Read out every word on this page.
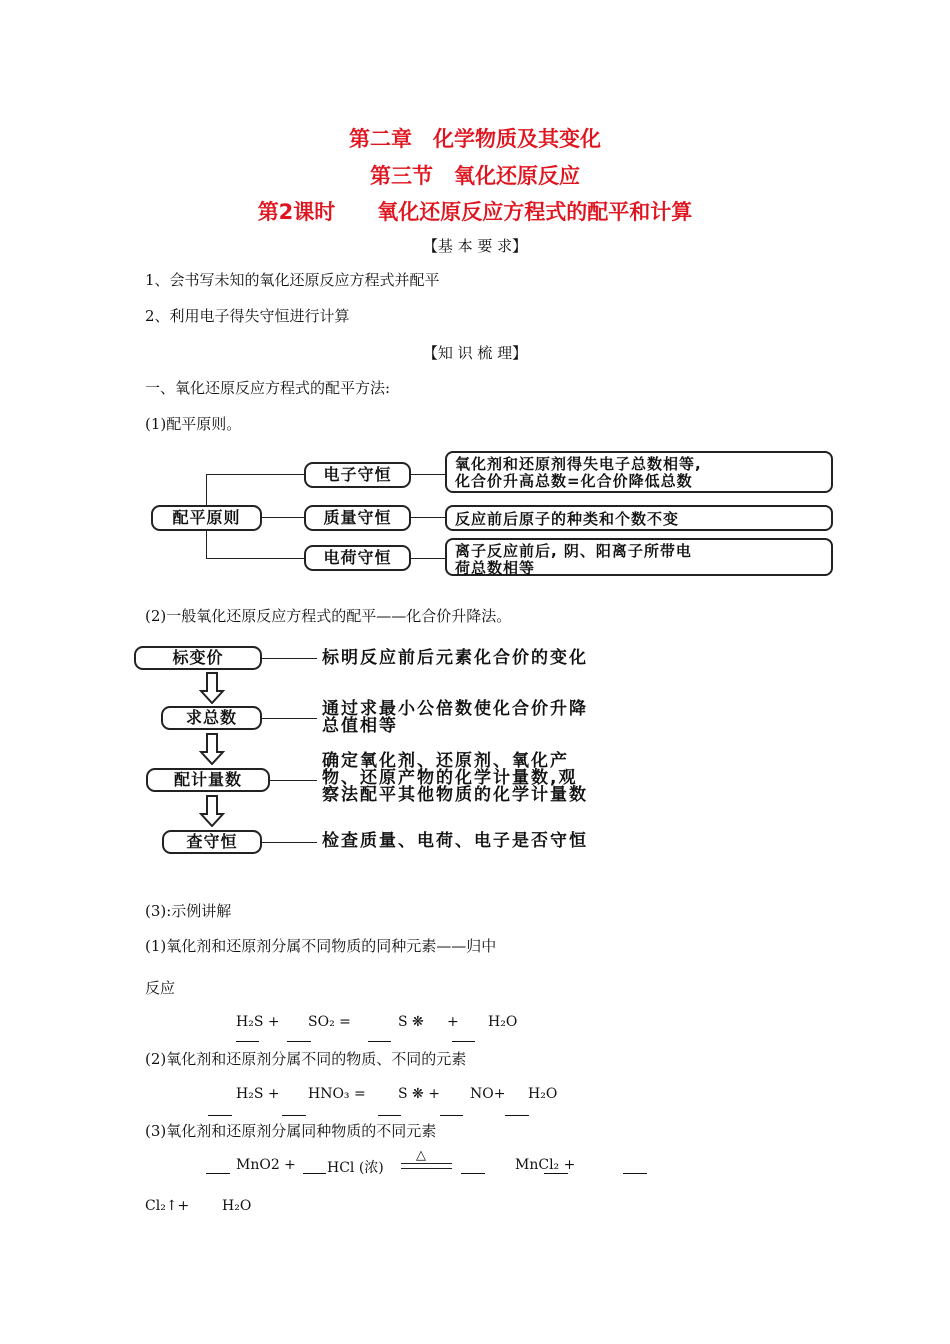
第二章　化学物质及其变化
第三节　氧化还原反应
第2课时　　氧化还原反应方程式的配平和计算
【基 本 要 求】
1、会书写未知的氧化还原反应方程式并配平
2、利用电子得失守恒进行计算
【知 识 梳 理】
一、氧化还原反应方程式的配平方法:
(1)配平原则。
配平原则
电子守恒
质量守恒
电荷守恒
氧化剂和还原剂得失电子总数相等,
化合价升高总数=化合价降低总数
反应前后原子的种类和个数不变
离子反应前后, 阴、阳离子所带电
荷总数相等
(2)一般氧化还原反应方程式的配平——化合价升降法。
标变价
求总数
配计量数
查守恒
标明反应前后元素化合价的变化
通过求最小公倍数使化合价升降
总值相等
确定氧化剂、还原剂、氧化产
物、还原产物的化学计量数,观
察法配平其他物质的化学计量数
检查质量、电荷、电子是否守恒
(3):示例讲解
(1)氧化剂和还原剂分属不同物质的同种元素——归中
反应
H₂S + SO₂ =	S ❋ + H₂O
(2)氧化剂和还原剂分属不同的物质、不同的元素
H₂S + HNO₃ = S ❋ + NO+ H₂O
(3)氧化剂和还原剂分属同种物质的不同元素
MnO2 + HCl (浓)
△
MnCl₂ +
Cl₂↑+ H₂O
